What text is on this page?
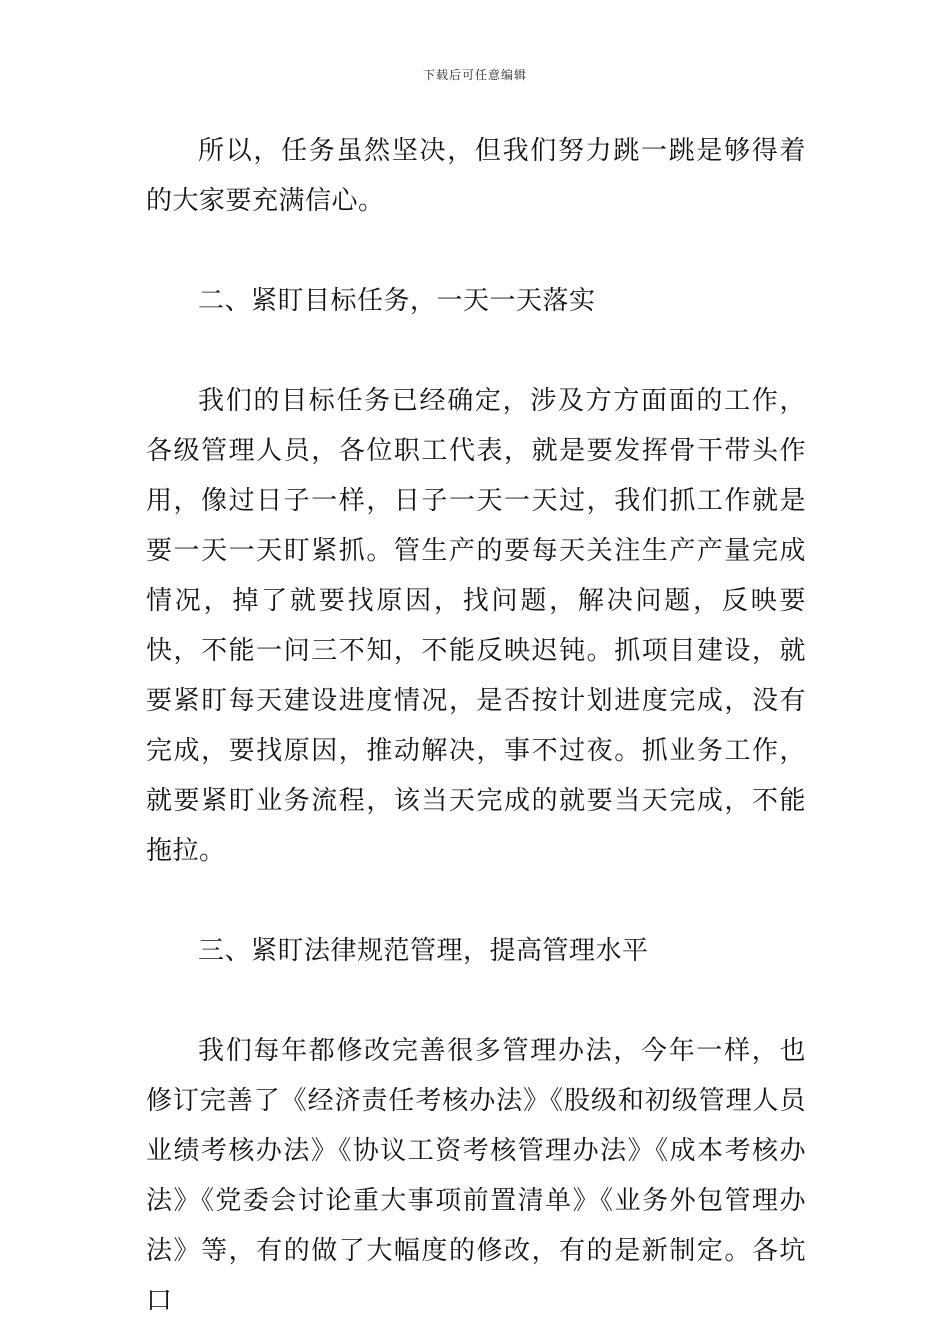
下载后可任意编辑

所以，任务虽然坚决，但我们努力跳一跳是够得着的大家要充满信心。

二、紧盯目标任务，一天一天落实

我们的目标任务已经确定，涉及方方面面的工作，各级管理人员，各位职工代表，就是要发挥骨干带头作用，像过日子一样，日子一天一天过，我们抓工作就是要一天一天盯紧抓。管生产的要每天关注生产产量完成情况，掉了就要找原因，找问题，解决问题，反映要快，不能一问三不知，不能反映迟钝。抓项目建设，就要紧盯每天建设进度情况，是否按计划进度完成，没有完成，要找原因，推动解决，事不过夜。抓业务工作，就要紧盯业务流程，该当天完成的就要当天完成，不能拖拉。

三、紧盯法律规范管理，提高管理水平

我们每年都修改完善很多管理办法，今年一样，也修订完善了《经济责任考核办法》《股级和初级管理人员业绩考核办法》《协议工资考核管理办法》《成本考核办法》《党委会讨论重大事项前置清单》《业务外包管理办法》等，有的做了大幅度的修改，有的是新制定。各坑口
